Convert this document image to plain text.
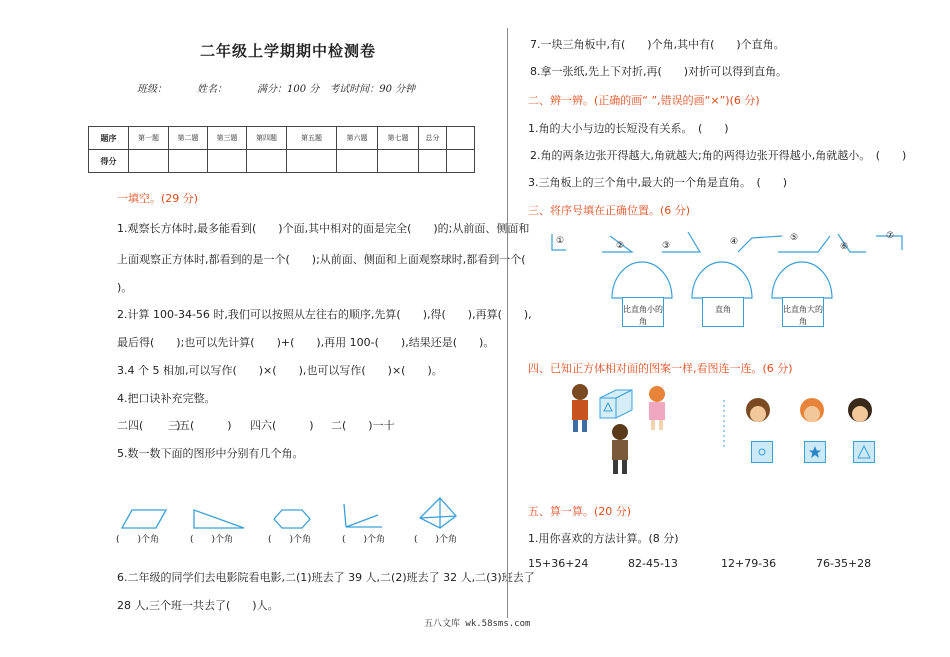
二年级上学期期中检测卷
班级：　　　姓名：　　　满分：100 分　考试时间：90 分钟
题序	第一题	第二题	第三题	第四题	第五题	第六题	第七题	总分	
得分									
一填空。(29 分)
1.观察长方体时,最多能看到(　　)个面,其中相对的面是完全(　　)的;从前面、侧面和
上面观察正方体时,都看到的是一个(　　);从前面、侧面和上面观察球时,都看到一个(
)。
2.计算 100-34-56 时,我们可以按照从左往右的顺序,先算(　　),得(　　),再算(　　),
最后得(　　);也可以先计算(　　)+(　　),再用 100-(　　),结果还是(　　)。
3.4 个 5 相加,可以写作(　　)×(　　),也可以写作(　　)×(　　)。
4.把口诀补充完整。
二四(　　　)
三五(　　　) 四六(　　　) 二(　　)一十
5.数一数下面的图形中分别有几个角。
(　　)个角	(　　)个角	(　　)个角	(　　)个角	(　　)个角
6.二年级的同学们去电影院看电影,二(1)班去了 39 人,二(2)班去了 32 人,二(3)班去了
28 人,三个班一共去了(　　)人。
7.一块三角板中,有(　　)个角,其中有(　　)个直角。
8.拿一张纸,先上下对折,再(　　)对折可以得到直角。
二、辨一辨。(正确的画“ ”,错误的画“×”)(6 分)
1.角的大小与边的长短没有关系。　(　　)
2.角的两条边张开得越大,角就越大;角的两得边张开得越小,角就越小。　(　　)
3.三角板上的三个角中,最大的一个角是直角。　(　　)
三、将序号填在正确位置。(6 分)
①	②	③	④	⑤
⑥
⑦
比直角小的角
直角	比直角大的角
四、已知正方体相对面的图案一样,看图连一连。(6 分)
五、算一算。(20 分)
1.用你喜欢的方法计算。(8 分)
15+36+24	82-45-13	12+79-36	76-35+28
五八文库 wk.58sms.com
